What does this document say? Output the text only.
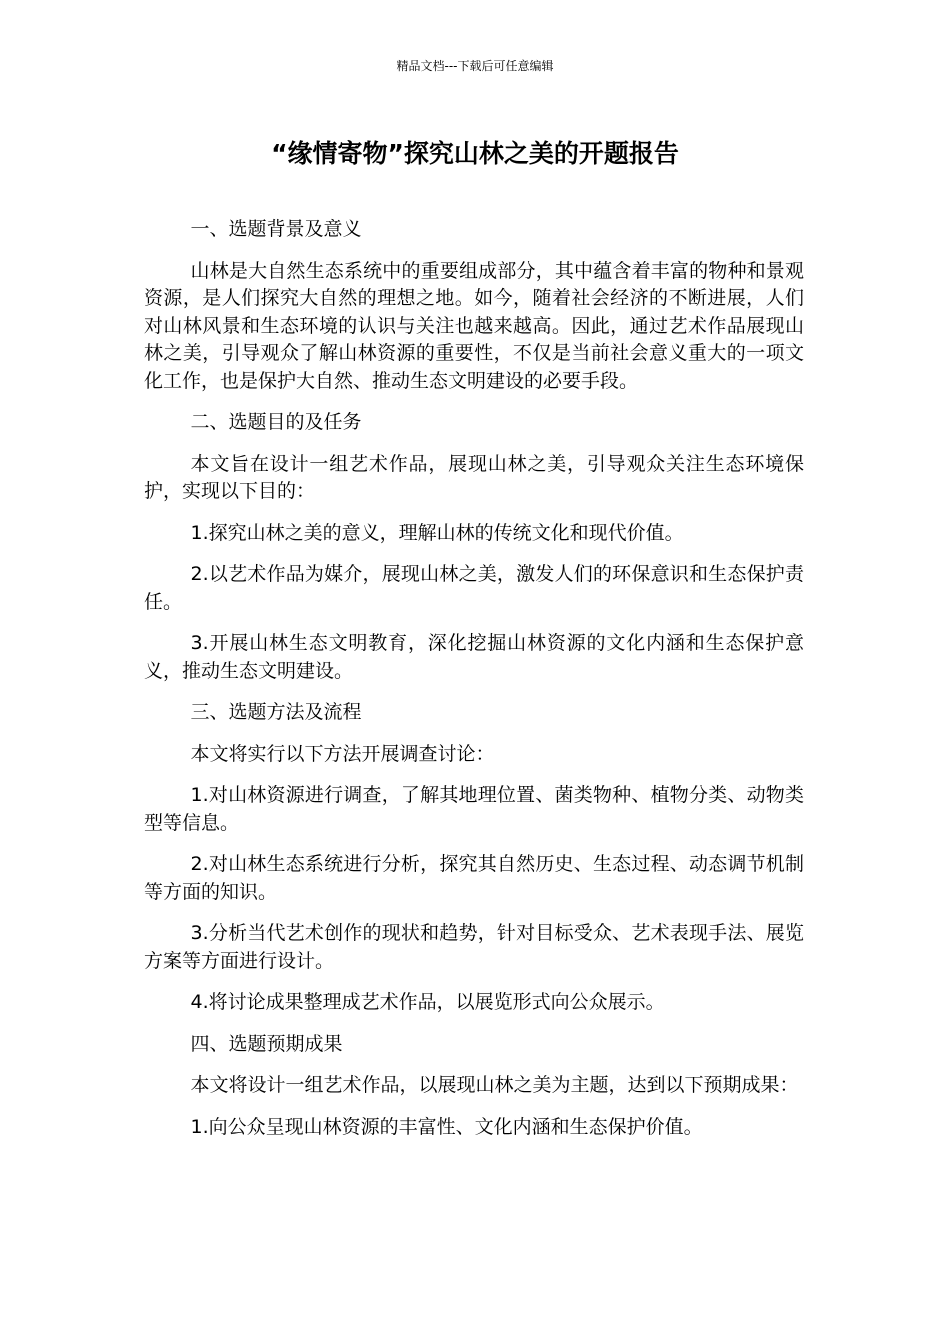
精品文档---下载后可任意编辑
“缘情寄物”探究山林之美的开题报告

一、选题背景及意义

山林是大自然生态系统中的重要组成部分，其中蕴含着丰富的物种和景观资源，是人们探究大自然的理想之地。如今，随着社会经济的不断进展，人们对山林风景和生态环境的认识与关注也越来越高。因此，通过艺术作品展现山林之美，引导观众了解山林资源的重要性，不仅是当前社会意义重大的一项文化工作，也是保护大自然、推动生态文明建设的必要手段。

二、选题目的及任务

本文旨在设计一组艺术作品，展现山林之美，引导观众关注生态环境保护，实现以下目的：

1.探究山林之美的意义，理解山林的传统文化和现代价值。

2.以艺术作品为媒介，展现山林之美，激发人们的环保意识和生态保护责任。

3.开展山林生态文明教育，深化挖掘山林资源的文化内涵和生态保护意义，推动生态文明建设。

三、选题方法及流程

本文将实行以下方法开展调查讨论：

1.对山林资源进行调查，了解其地理位置、菌类物种、植物分类、动物类型等信息。

2.对山林生态系统进行分析，探究其自然历史、生态过程、动态调节机制等方面的知识。

3.分析当代艺术创作的现状和趋势，针对目标受众、艺术表现手法、展览方案等方面进行设计。

4.将讨论成果整理成艺术作品，以展览形式向公众展示。

四、选题预期成果

本文将设计一组艺术作品，以展现山林之美为主题，达到以下预期成果：

1.向公众呈现山林资源的丰富性、文化内涵和生态保护价值。
